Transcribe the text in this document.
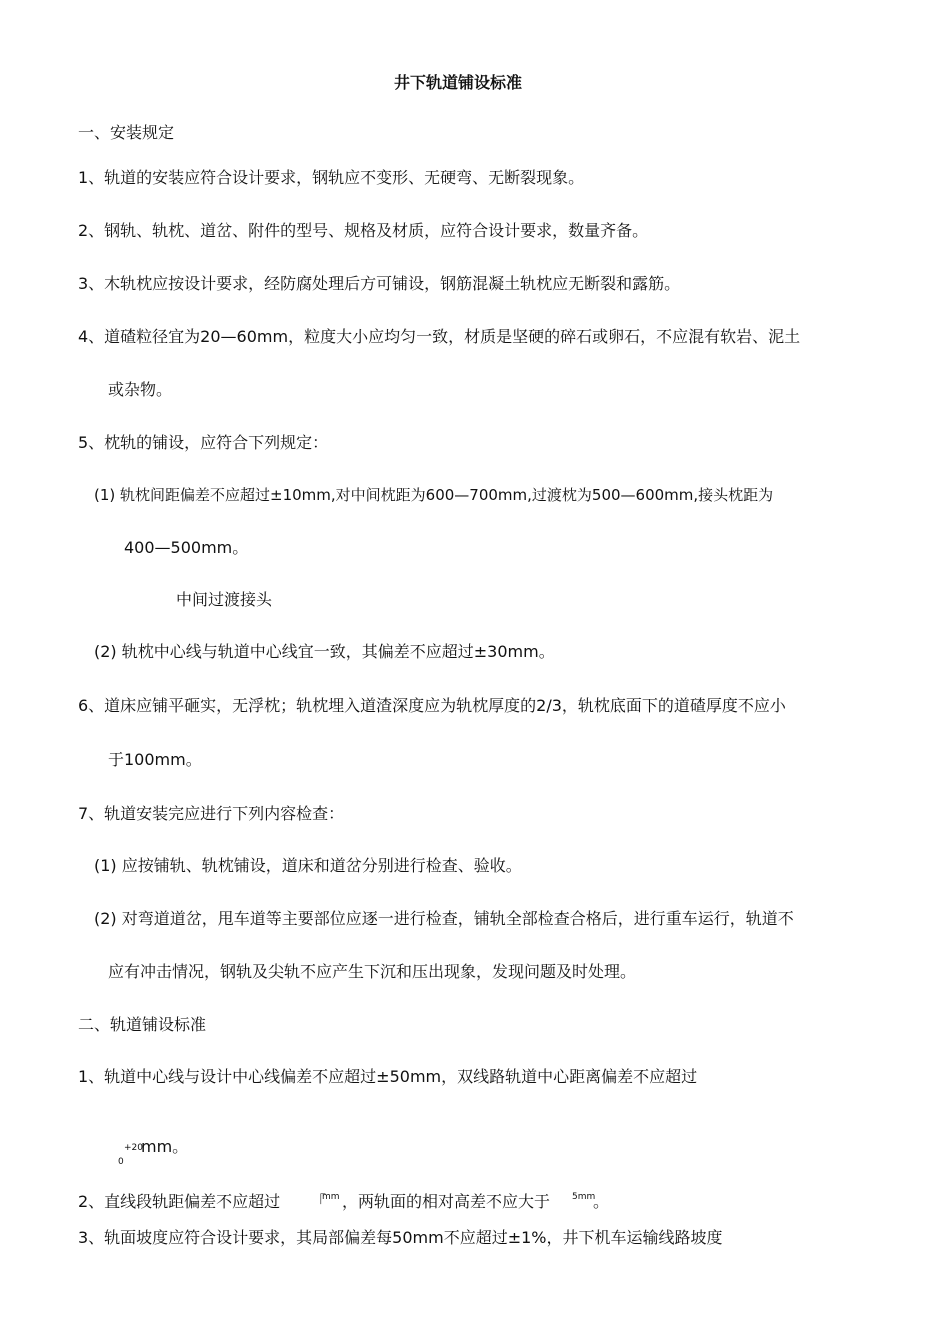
井下轨道铺设标准
一、安装规定
1、轨道的安装应符合设计要求，钢轨应不变形、无硬弯、无断裂现象。
2、钢轨、轨枕、道岔、附件的型号、规格及材质，应符合设计要求，数量齐备。
3、木轨枕应按设计要求，经防腐处理后方可铺设，钢筋混凝土轨枕应无断裂和露筋。
4、道碴粒径宜为20—60mm，粒度大小应均匀一致，材质是坚硬的碎石或卵石，不应混有软岩、泥土
或杂物。
5、枕轨的铺设，应符合下列规定：
(1) 轨枕间距偏差不应超过±10mm,对中间枕距为600—700mm,过渡枕为500—600mm,接头枕距为
400—500mm。
中间过渡接头
(2) 轨枕中心线与轨道中心线宜一致，其偏差不应超过±30mm。
6、道床应铺平砸实，无浮枕；轨枕埋入道渣深度应为轨枕厚度的2/3，轨枕底面下的道碴厚度不应小
于100mm。
7、轨道安装完应进行下列内容检查：
(1) 应按铺轨、轨枕铺设，道床和道岔分别进行检查、验收。
(2) 对弯道道岔，甩车道等主要部位应逐一进行检查，铺轨全部检查合格后，进行重车运行，轨道不
应有冲击情况，钢轨及尖轨不应产生下沉和压出现象，发现问题及时处理。
二、轨道铺设标准
1、轨道中心线与设计中心线偏差不应超过±50mm，双线路轨道中心距离偏差不应超过
+20
mm。
0
2、直线段轨距偏差不应超过 「
mm ，两轨面的相对高差不应大于 5mm
。
3、轨面坡度应符合设计要求，其局部偏差每50mm不应超过±1%，井下机车运输线路坡度
